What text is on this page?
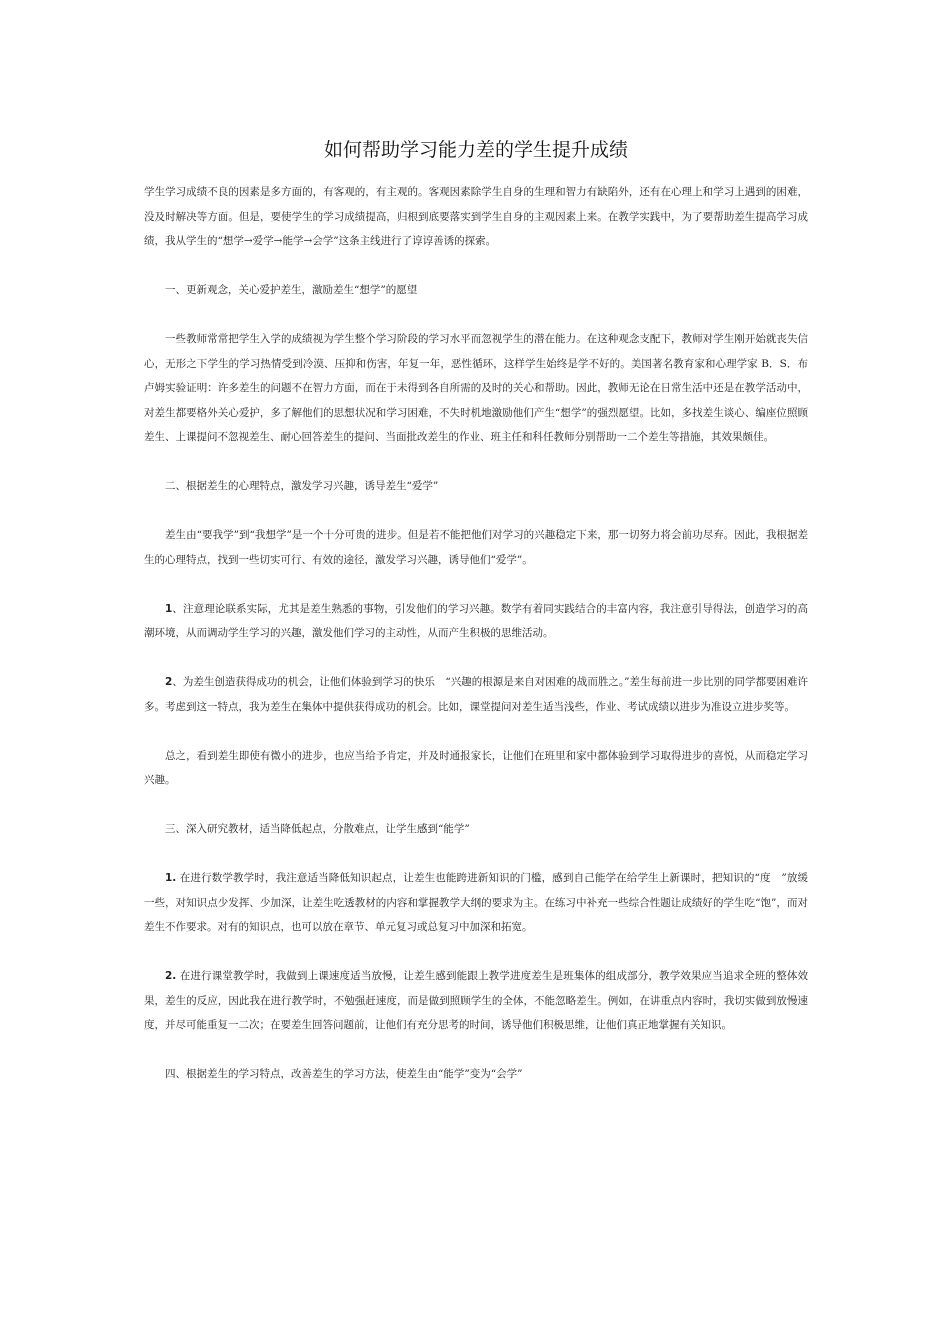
如何帮助学习能力差的学生提升成绩

学生学习成绩不良的因素是多方面的，有客观的，有主观的。客观因素除学生自身的生理和智力有缺陷外，还有在心理上和学习上遇到的困难，没及时解决等方面。但是，要使学生的学习成绩提高，归根到底要落实到学生自身的主观因素上来。在教学实践中，为了要帮助差生提高学习成绩，我从学生的“想学→爱学→能学→会学”这条主线进行了谆谆善诱的探索。

一、更新观念，关心爱护差生，激励差生“想学”的愿望

一些教师常常把学生入学的成绩视为学生整个学习阶段的学习水平而忽视学生的潜在能力。在这种观念支配下，教师对学生刚开始就丧失信心，无形之下学生的学习热情受到冷漠、压抑和伤害，年复一年，恶性循环，这样学生始终是学不好的。美国著名教育家和心理学家 B．S．布卢姆实验证明：许多差生的问题不在智力方面，而在于未得到各自所需的及时的关心和帮助。因此，教师无论在日常生活中还是在教学活动中，对差生都要格外关心爱护，多了解他们的思想状况和学习困难，不失时机地激励他们产生“想学”的强烈愿望。比如，多找差生谈心、编座位照顾差生、上课提问不忽视差生、耐心回答差生的提问、当面批改差生的作业、班主任和科任教师分别帮助一二个差生等措施，其效果颇佳。

二、根据差生的心理特点，激发学习兴趣，诱导差生“爱学”

差生由“要我学”到“我想学”是一个十分可贵的进步。但是若不能把他们对学习的兴趣稳定下来，那一切努力将会前功尽弃。因此，我根据差生的心理特点，找到一些切实可行、有效的途径，激发学习兴趣，诱导他们“爱学”。

1、注意理论联系实际，尤其是差生熟悉的事物，引发他们的学习兴趣。数学有着同实践结合的丰富内容，我注意引导得法，创造学习的高潮环境，从而调动学生学习的兴趣，激发他们学习的主动性，从而产生积极的思维活动。

2、为差生创造获得成功的机会，让他们体验到学习的快乐　“兴趣的根源是来自对困难的战而胜之。”差生每前进一步比别的同学都要困难许多。考虑到这一特点，我为差生在集体中提供获得成功的机会。比如，课堂提问对差生适当浅些，作业、考试成绩以进步为准设立进步奖等。

总之，看到差生即使有微小的进步，也应当给予肯定，并及时通报家长，让他们在班里和家中都体验到学习取得进步的喜悦，从而稳定学习兴趣。

三、深入研究教材，适当降低起点，分散难点，让学生感到“能学”

1. 在进行数学教学时，我注意适当降低知识起点，让差生也能跨进新知识的门槛，感到自己能学在给学生上新课时，把知识的“度　”放缓一些，对知识点少发挥、少加深，让差生吃透教材的内容和掌握教学大纲的要求为主。在练习中补充一些综合性题让成绩好的学生吃“饱”，而对差生不作要求。对有的知识点，也可以放在章节、单元复习或总复习中加深和拓宽。

2. 在进行课堂教学时，我做到上课速度适当放慢，让差生感到能跟上教学进度差生是班集体的组成部分，教学效果应当追求全班的整体效果，差生的反应，因此我在进行教学时，不勉强赶速度，而是做到照顾学生的全体，不能忽略差生。例如，在讲重点内容时，我切实做到放慢速度，并尽可能重复一二次；在要差生回答问题前，让他们有充分思考的时间，诱导他们积极思维，让他们真正地掌握有关知识。

四、根据差生的学习特点，改善差生的学习方法，使差生由“能学”变为“会学”
